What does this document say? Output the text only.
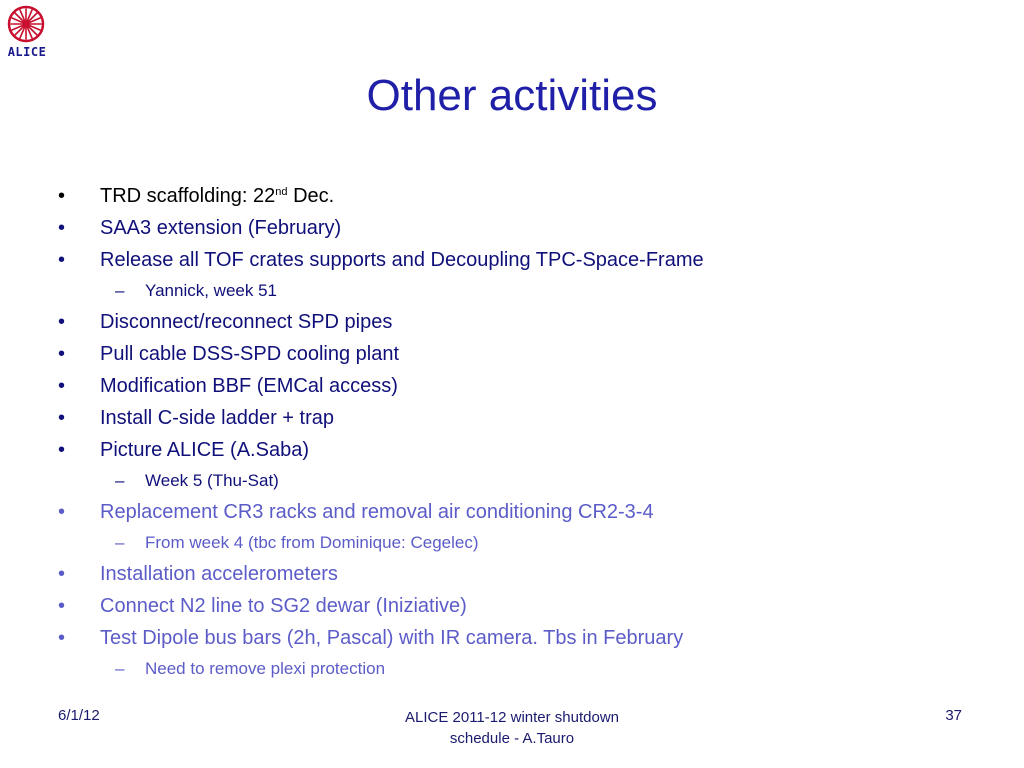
ALICE
Other activities
• TRD scaffolding: 22nd Dec.
• SAA3 extension (February)
• Release all TOF crates supports and Decoupling TPC-Space-Frame
– Yannick, week 51
• Disconnect/reconnect SPD pipes
• Pull cable DSS-SPD cooling plant
• Modification BBF (EMCal access)
• Install C-side ladder + trap
• Picture ALICE (A.Saba)
– Week 5 (Thu-Sat)
• Replacement CR3 racks and removal air conditioning CR2-3-4
– From week 4 (tbc from Dominique: Cegelec)
• Installation accelerometers
• Connect N2 line to SG2 dewar (Iniziative)
• Test Dipole bus bars (2h, Pascal) with IR camera. Tbs in February
– Need to remove plexi protection
6/1/12	ALICE 2011-12 winter shutdown
schedule - A.Tauro
37
